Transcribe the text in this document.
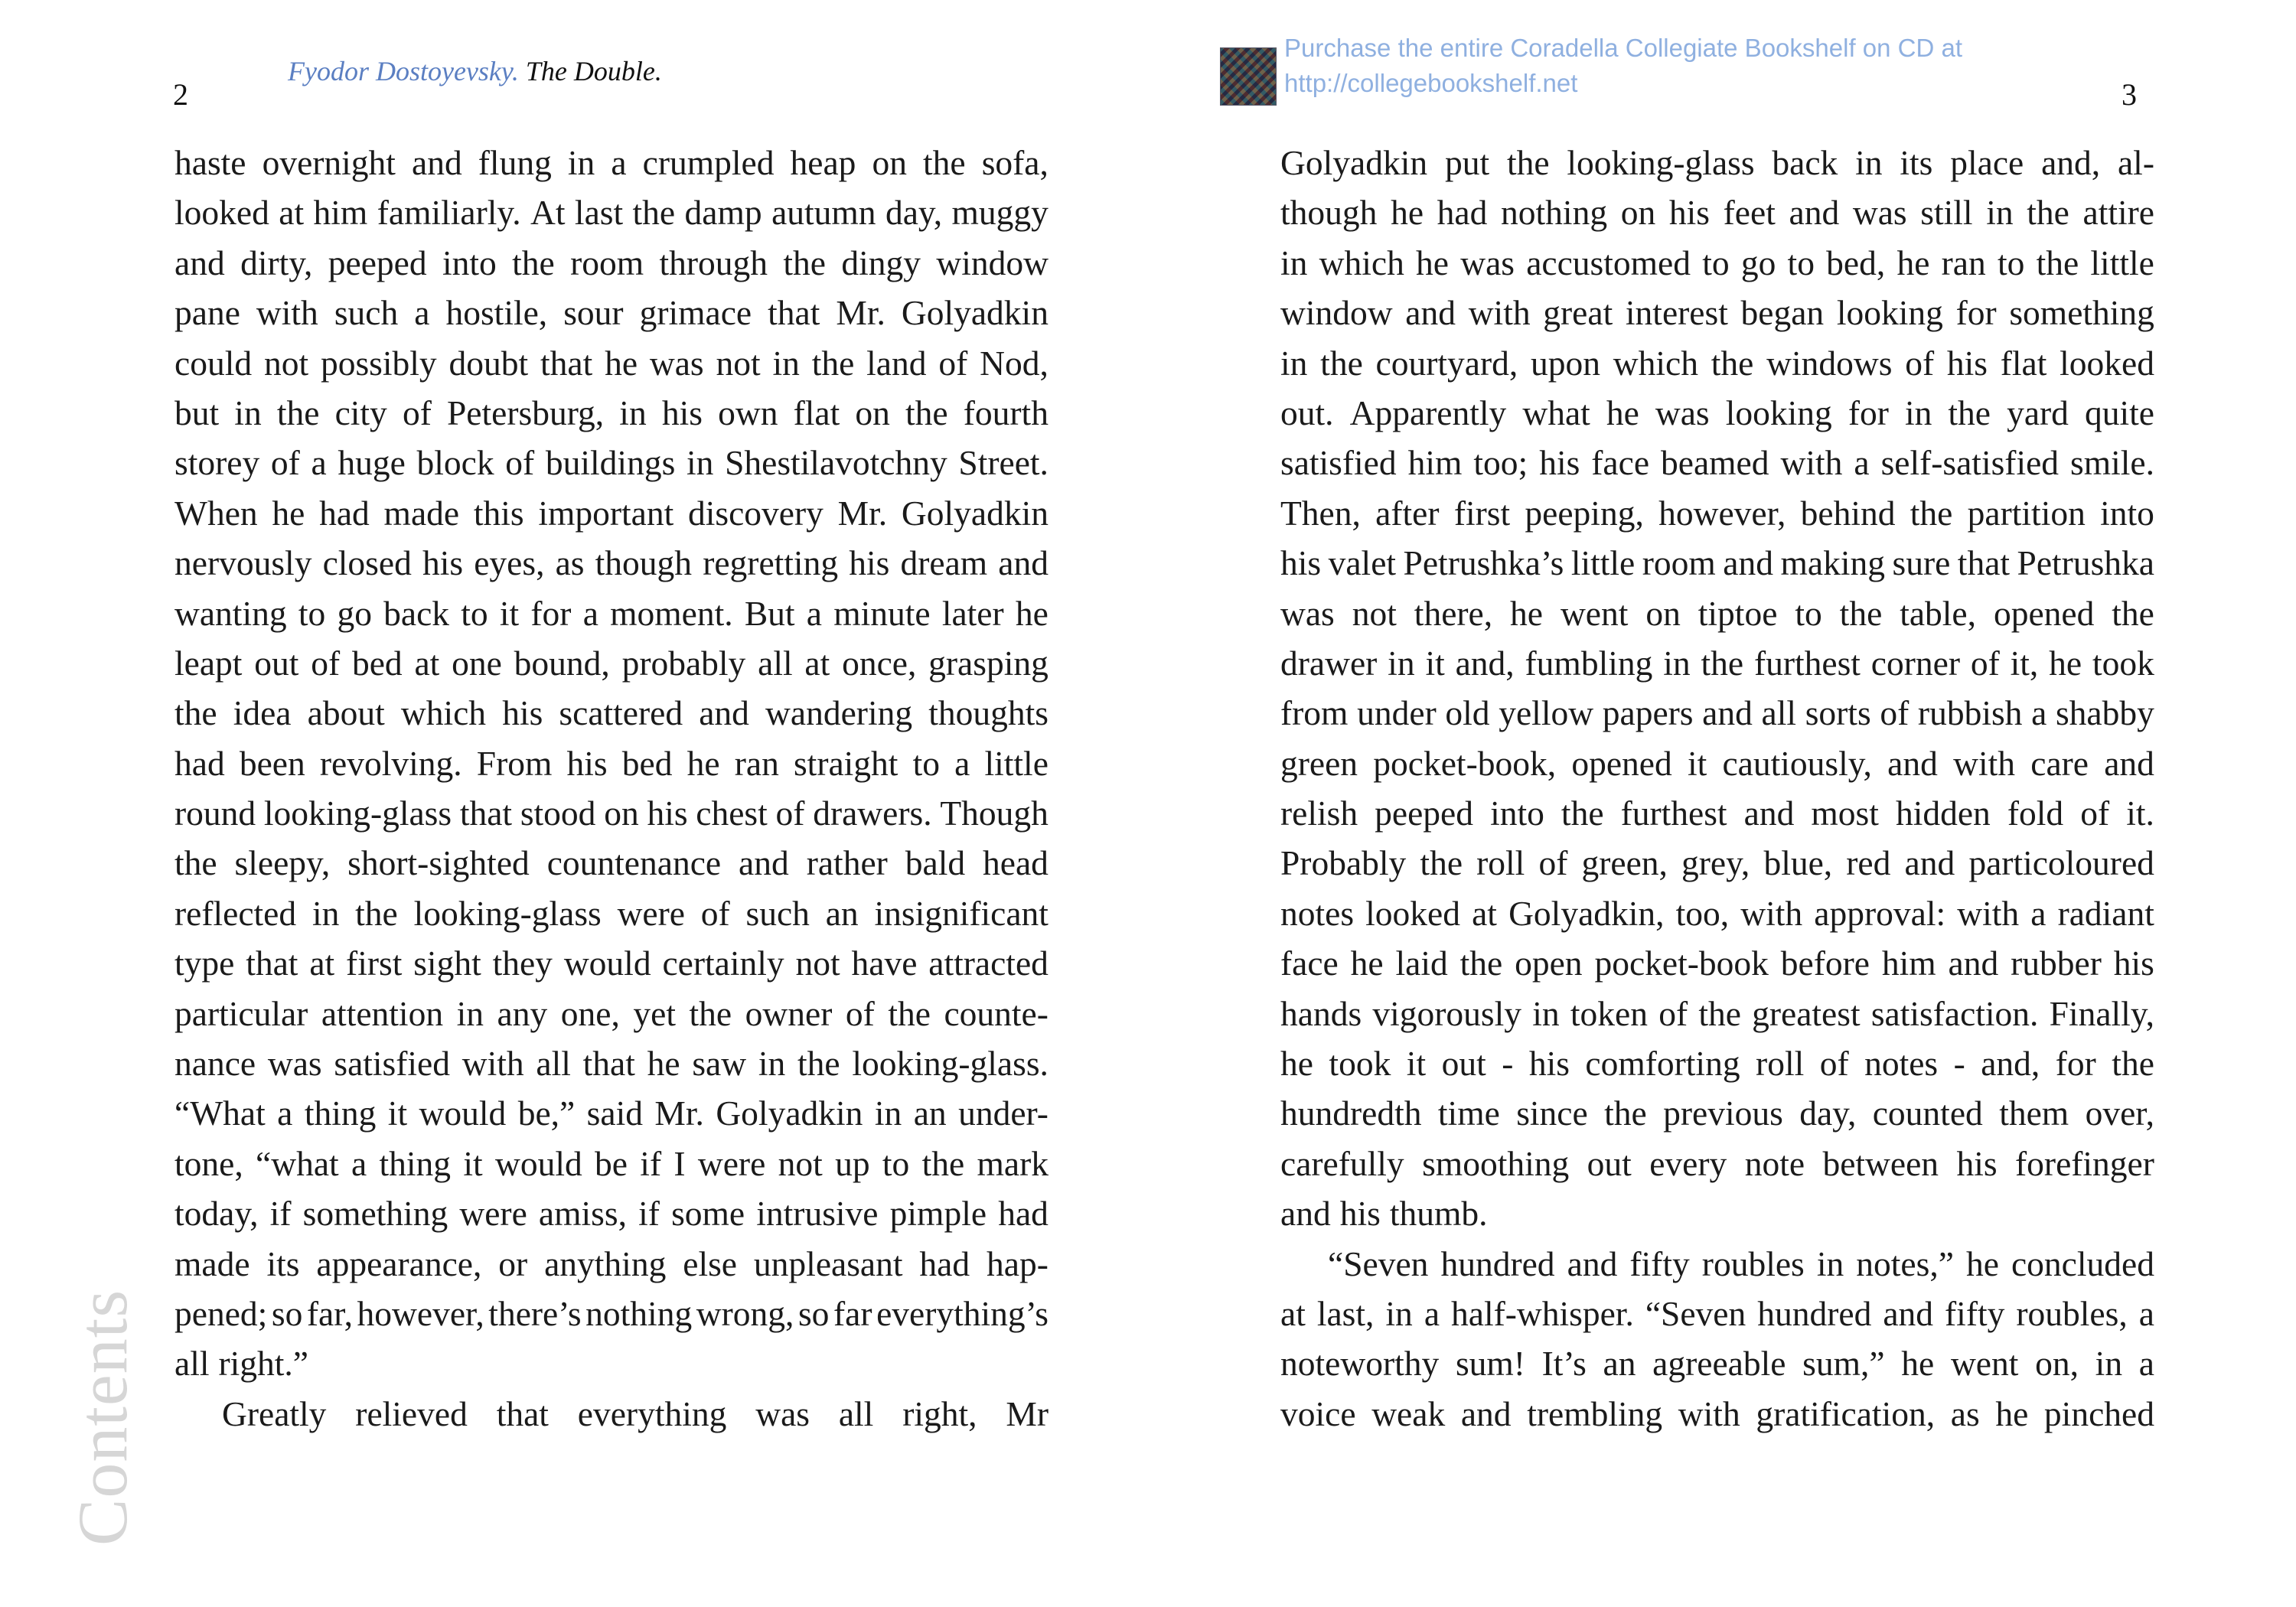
2
Fyodor Dostoyevsky. The Double.
haste overnight and flung in a crumpled heap on the sofa,
looked at him familiarly. At last the damp autumn day, muggy
and dirty, peeped into the room through the dingy window
pane with such a hostile, sour grimace that Mr. Golyadkin
could not possibly doubt that he was not in the land of Nod,
but in the city of Petersburg, in his own flat on the fourth
storey of a huge block of buildings in Shestilavotchny Street.
When he had made this important discovery Mr. Golyadkin
nervously closed his eyes, as though regretting his dream and
wanting to go back to it for a moment. But a minute later he
leapt out of bed at one bound, probably all at once, grasping
the idea about which his scattered and wandering thoughts
had been revolving. From his bed he ran straight to a little
round looking-glass that stood on his chest of drawers. Though
the sleepy, short-sighted countenance and rather bald head
reflected in the looking-glass were of such an insignificant
type that at first sight they would certainly not have attracted
particular attention in any one, yet the owner of the counte-
nance was satisfied with all that he saw in the looking-glass.
“What a thing it would be,” said Mr. Golyadkin in an under-
tone, “what a thing it would be if I were not up to the mark
today, if something were amiss, if some intrusive pimple had
made its appearance, or anything else unpleasant had hap-
pened; so far, however, there’s nothing wrong, so far everything’s
all right.”
Greatly relieved that everything was all right, Mr
Purchase the entire Coradella Collegiate Bookshelf on CD at
http://collegebookshelf.net	3
Golyadkin put the looking-glass back in its place and, al-
though he had nothing on his feet and was still in the attire
in which he was accustomed to go to bed, he ran to the little
window and with great interest began looking for something
in the courtyard, upon which the windows of his flat looked
out. Apparently what he was looking for in the yard quite
satisfied him too; his face beamed with a self-satisfied smile.
Then, after first peeping, however, behind the partition into
his valet Petrushka’s little room and making sure that Petrushka
was not there, he went on tiptoe to the table, opened the
drawer in it and, fumbling in the furthest corner of it, he took
from under old yellow papers and all sorts of rubbish a shabby
green pocket-book, opened it cautiously, and with care and
relish peeped into the furthest and most hidden fold of it.
Probably the roll of green, grey, blue, red and particoloured
notes looked at Golyadkin, too, with approval: with a radiant
face he laid the open pocket-book before him and rubber his
hands vigorously in token of the greatest satisfaction. Finally,
he took it out - his comforting roll of notes - and, for the
hundredth time since the previous day, counted them over,
carefully smoothing out every note between his forefinger
and his thumb.
“Seven hundred and fifty roubles in notes,” he concluded
at last, in a half-whisper. “Seven hundred and fifty roubles, a
noteworthy sum! It’s an agreeable sum,” he went on, in a
voice weak and trembling with gratification, as he pinched
Contents
